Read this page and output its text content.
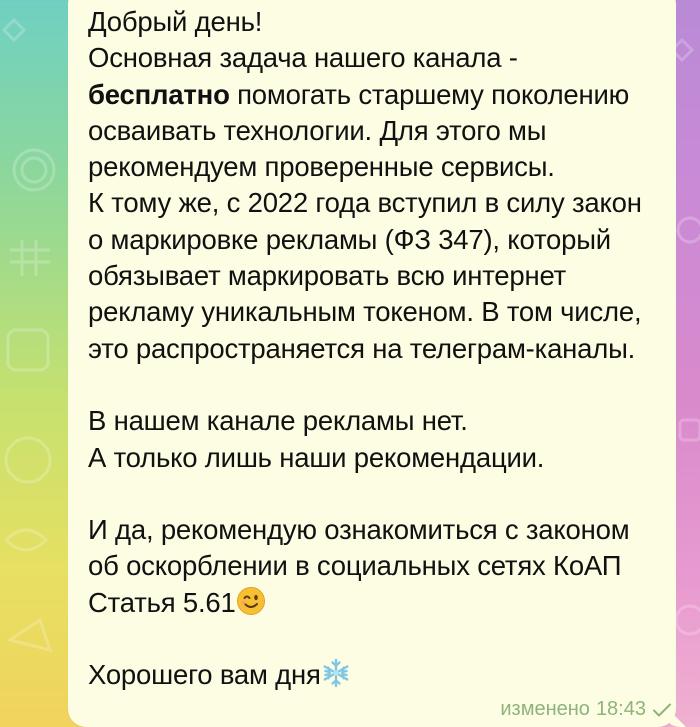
Добрый день!
Основная задача нашего канала -
бесплатно помогать старшему поколению
осваивать технологии. Для этого мы
рекомендуем проверенные сервисы.
К тому же, с 2022 года вступил в силу закон
о маркировке рекламы (ФЗ 347), который
обязывает маркировать всю интернет
рекламу уникальным токеном. В том числе,
это распространяется на телеграм-каналы.
В нашем канале рекламы нет.
А только лишь наши рекомендации.
И да, рекомендую ознакомиться с законом
об оскорблении в социальных сетях КоАП
Статья 5.61
Хорошего вам дня
изменено 18:43
